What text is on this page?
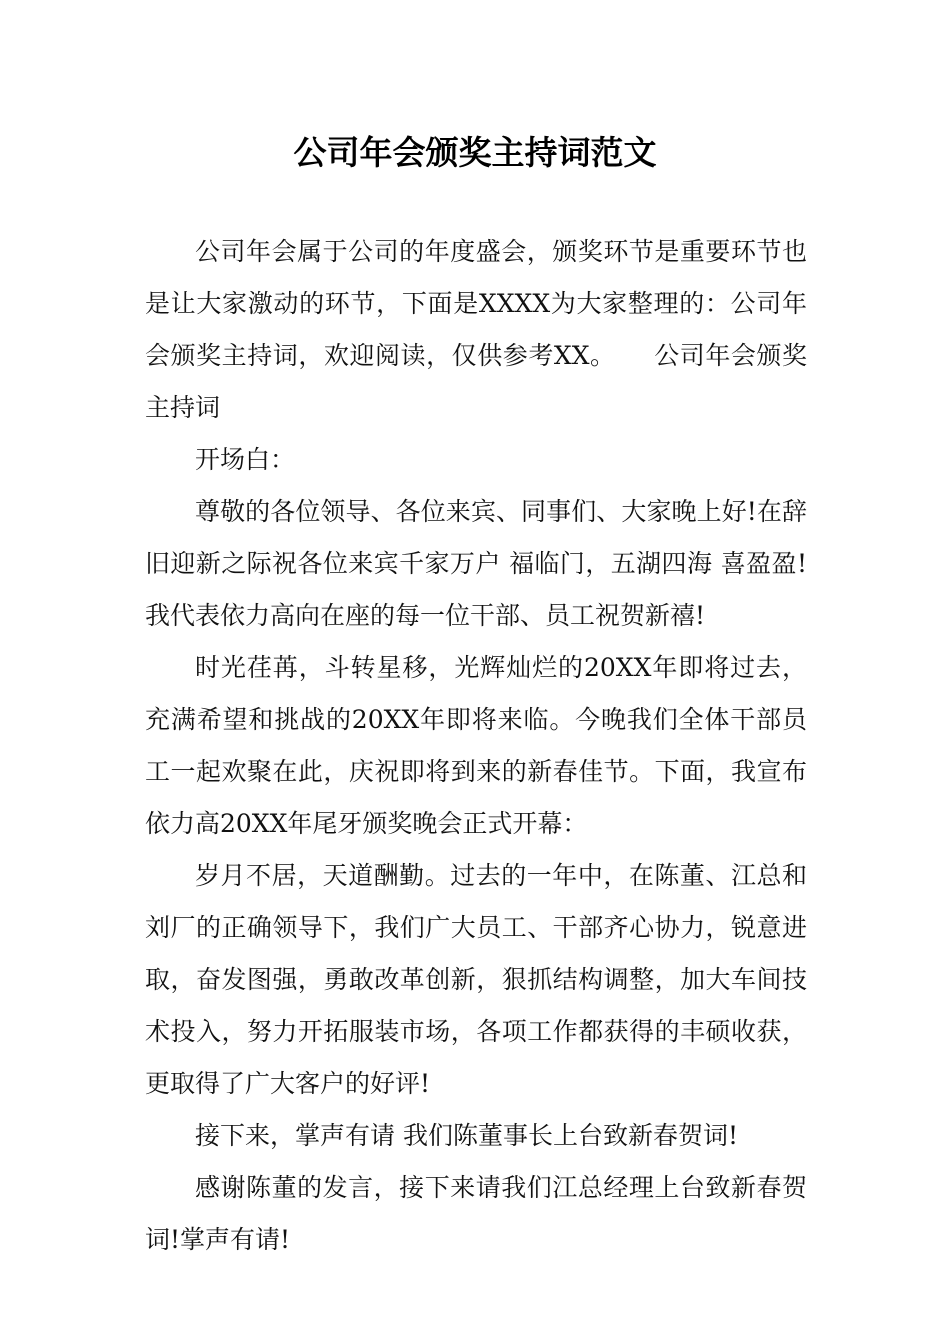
公司年会颁奖主持词范文

公司年会属于公司的年度盛会，颁奖环节是重要环节也是让大家激动的环节，下面是XXXX为大家整理的：公司年会颁奖主持词，欢迎阅读，仅供参考XX。　　公司年会颁奖主持词

开场白：

尊敬的各位领导、各位来宾、同事们、大家晚上好!在辞旧迎新之际祝各位来宾千家万户 福临门，五湖四海 喜盈盈!我代表依力高向在座的每一位干部、员工祝贺新禧!

时光荏苒，斗转星移，光辉灿烂的20XX年即将过去，充满希望和挑战的20XX年即将来临。今晚我们全体干部员工一起欢聚在此，庆祝即将到来的新春佳节。下面，我宣布依力高20XX年尾牙颁奖晚会正式开幕：

岁月不居，天道酬勤。过去的一年中，在陈董、江总和刘厂的正确领导下，我们广大员工、干部齐心协力，锐意进取，奋发图强，勇敢改革创新，狠抓结构调整，加大车间技术投入，努力开拓服装市场，各项工作都获得的丰硕收获，更取得了广大客户的好评!

接下来，掌声有请 我们陈董事长上台致新春贺词!

感谢陈董的发言，接下来请我们江总经理上台致新春贺词!掌声有请!
